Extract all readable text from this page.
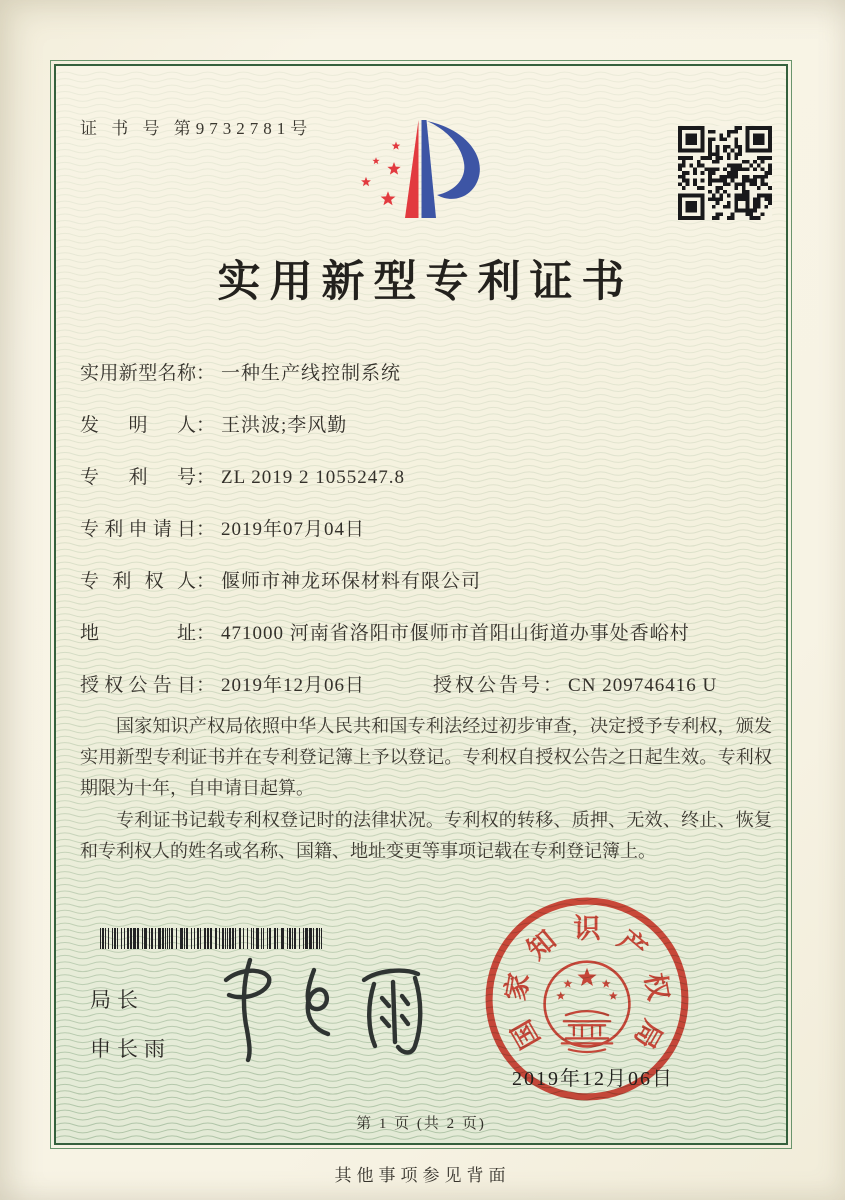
证 书 号 第9732781号
实用新型专利证书
实用新型名称： 一种生产线控制系统
发明人： 王洪波;李风勤
专利号： ZL 2019 2 1055247.8
专利申请日： 2019年07月04日
专利权人： 偃师市神龙环保材料有限公司
地址： 471000 河南省洛阳市偃师市首阳山街道办事处香峪村
授权公告日： 2019年12月06日	授权公告号： CN 209746416 U

国家知识产权局依照中华人民共和国专利法经过初步审查，决定授予专利权，颁发实用新型专利证书并在专利登记簿上予以登记。专利权自授权公告之日起生效。专利权期限为十年，自申请日起算。

专利证书记载专利权登记时的法律状况。专利权的转移、质押、无效、终止、恢复和专利权人的姓名或名称、国籍、地址变更等事项记载在专利登记簿上。

局长
申长雨	国
家
知 识 产
权
局
2019年12月06日
第 1 页 (共 2 页)
其他事项参见背面
